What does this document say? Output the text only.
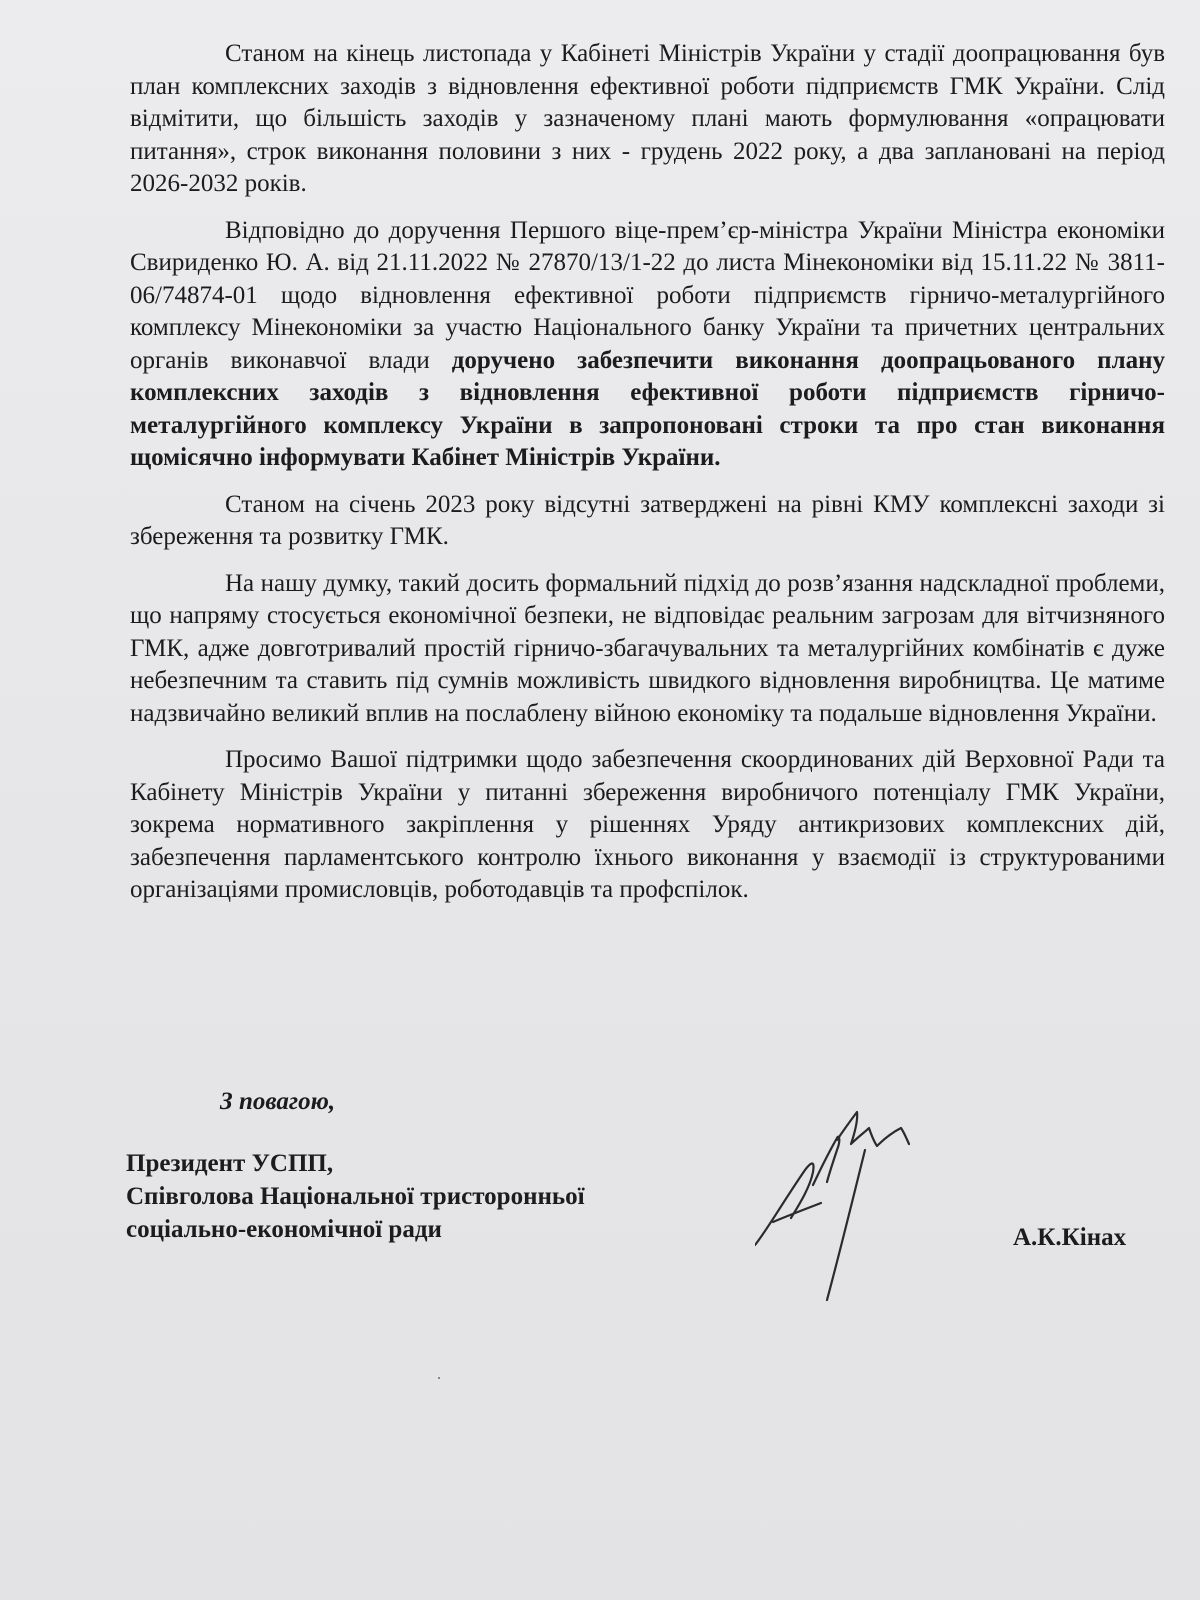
Станом на кінець листопада у Кабінеті Міністрів України у стадії доопрацювання був план комплексних заходів з відновлення ефективної роботи підприємств ГМК України. Слід відмітити, що більшість заходів у зазначеному плані мають формулювання «опрацювати питання», строк виконання половини з них - грудень 2022 року, а два заплановані на період 2026-2032 років.

Відповідно до доручення Першого віце-прем’єр-міністра України Міністра економіки Свириденко Ю. А. від 21.11.2022 № 27870/13/1-22 до листа Мінекономіки від 15.11.22 № 3811-06/74874-01 щодо відновлення ефективної роботи підприємств гірничо-металургійного комплексу Мінекономіки за участю Національного банку України та причетних центральних органів виконавчої влади доручено забезпечити виконання доопрацьованого плану комплексних заходів з відновлення ефективної роботи підприємств гірничо-металургійного комплексу України в запропоновані строки та про стан виконання щомісячно інформувати Кабінет Міністрів України.

Станом на січень 2023 року відсутні затверджені на рівні КМУ комплексні заходи зі збереження та розвитку ГМК.

На нашу думку, такий досить формальний підхід до розв’язання надскладної проблеми, що напряму стосується економічної безпеки, не відповідає реальним загрозам для вітчизняного ГМК, адже довготривалий простій гірничо-збагачувальних та металургійних комбінатів є дуже небезпечним та ставить під сумнів можливість швидкого відновлення виробництва. Це матиме надзвичайно великий вплив на послаблену війною економіку та подальше відновлення України.

Просимо Вашої підтримки щодо забезпечення скоординованих дій Верховної Ради та Кабінету Міністрів України у питанні збереження виробничого потенціалу ГМК України, зокрема нормативного закріплення у рішеннях Уряду антикризових комплексних дій, забезпечення парламентського контролю їхнього виконання у взаємодії із структурованими організаціями промисловців, роботодавців та профспілок.

З повагою,
Президент УСПП,
Співголова Національної тристоронньої
соціально-економічної ради	А.К.Кінах
